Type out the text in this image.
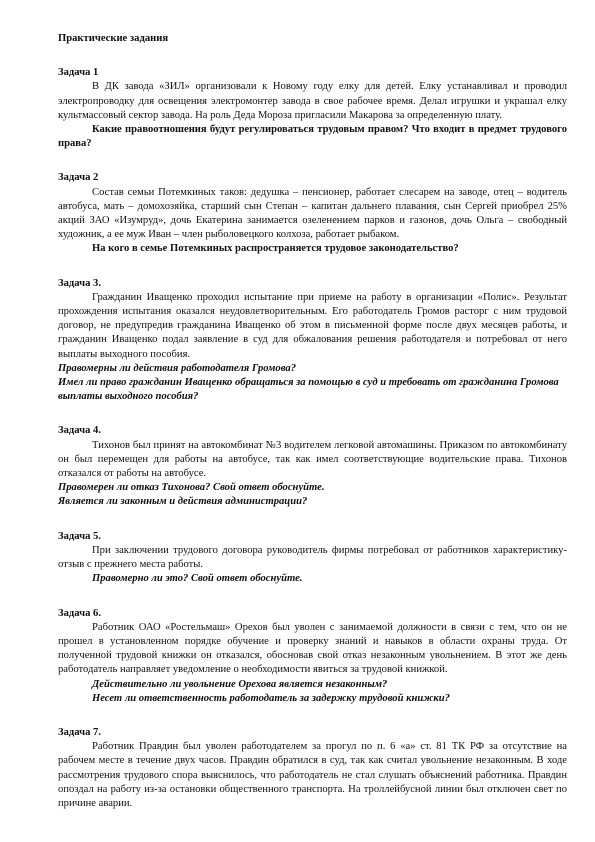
Практические задания

Задача 1

В ДК завода «ЗИЛ» организовали к Новому году елку для детей. Елку устанавливал и проводил электропроводку для освещения электромонтер завода в свое рабочее время. Делал игрушки и украшал елку культмассовый сектор завода. На роль Деда Мороза пригласили Макарова за определенную плату.

Какие правоотношения будут регулироваться трудовым правом? Что входит в предмет трудового права?

Задача 2

Состав семьи Потемкиных таков: дедушка – пенсионер, работает слесарем на заводе, отец – водитель автобуса, мать – домохозяйка, старший сын Степан – капитан дальнего плавания, сын Сергей приобрел 25% акций ЗАО «Изумруд», дочь Екатерина занимается озеленением парков и газонов, дочь Ольга – свободный художник, а ее муж Иван – член рыболовецкого колхоза, работает рыбаком.

На кого в семье Потемкиных распространяется трудовое законодательство?

Задача 3.

Гражданин Иващенко проходил испытание при приеме на работу в организации «Полис». Результат прохождения испытания оказался неудовлетворительным. Его работодатель Громов расторг с ним трудовой договор, не предупредив гражданина Иващенко об этом в письменной форме после двух месяцев работы, и гражданин Иващенко подал заявление в суд для обжалования решения работодателя и потребовал от него выплаты выходного пособия.

Правомерны ли действия работодателя Громова?

Имел ли право гражданин Иващенко обращаться за помощью в суд и требовать от гражданина Громова выплаты выходного пособия?

Задача 4.

Тихонов был принят на автокомбинат №3 водителем легковой автомашины. Приказом по автокомбинату он был перемещен для работы на автобусе, так как имел соответствующие водительские права. Тихонов отказался от работы на автобусе.

Правомерен ли отказ Тихонова? Свой ответ обоснуйте.

Является ли законным и действия администрации?

Задача 5.

При заключении трудового договора руководитель фирмы потребовал от работников характеристику-отзыв с прежнего места работы.

Правомерно ли это? Свой ответ обоснуйте.

Задача 6.

Работник ОАО «Ростельмаш» Орехов был уволен с занимаемой должности в связи с тем, что он не прошел в установленном порядке обучение и проверку знаний и навыков в области охраны труда. От полученной трудовой книжки он отказался, обосновав свой отказ незаконным увольнением. В этот же день работодатель направляет уведомление о необходимости явиться за трудовой книжкой.

Действительно ли увольнение Орехова является незаконным?

Несет ли ответственность работодатель за задержку трудовой книжки?

Задача 7.

Работник Правдин был уволен работодателем за прогул по п. 6 «а» ст. 81 ТК РФ за отсутствие на рабочем месте в течение двух часов. Правдин обратился в суд, так как считал увольнение незаконным. В ходе рассмотрения трудового спора выяснилось, что работодатель не стал слушать объяснений работника. Правдин опоздал на работу из-за остановки общественного транспорта. На троллейбусной линии был отключен свет по причине аварии.
